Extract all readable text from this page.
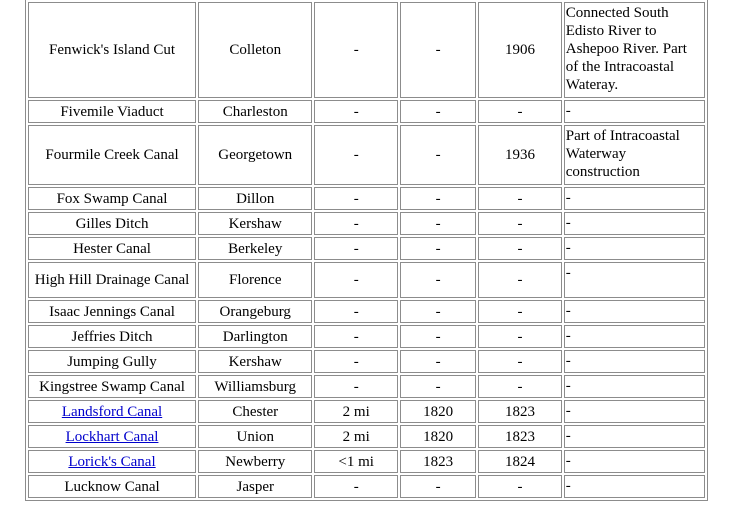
Fenwick's Island Cut	Colleton	-	-	1906	Connected South Edisto River to Ashepoo River. Part of the Intracoastal Wateray.
Fivemile Viaduct	Charleston	-	-	-	-
Fourmile Creek Canal	Georgetown	-	-	1936	Part of Intracoastal Waterway construction
Fox Swamp Canal	Dillon	-	-	-	-
Gilles Ditch	Kershaw	-	-	-	-
Hester Canal	Berkeley	-	-	-	-
High Hill Drainage Canal	Florence	-	-	-	-
Isaac Jennings Canal	Orangeburg	-	-	-	-
Jeffries Ditch	Darlington	-	-	-	-
Jumping Gully	Kershaw	-	-	-	-
Kingstree Swamp Canal	Williamsburg	-	-	-	-
Landsford Canal	Chester	2 mi	1820	1823	-
Lockhart Canal	Union	2 mi	1820	1823	-
Lorick's Canal	Newberry	<1 mi	1823	1824	-
Lucknow Canal	Jasper	-	-	-	-
